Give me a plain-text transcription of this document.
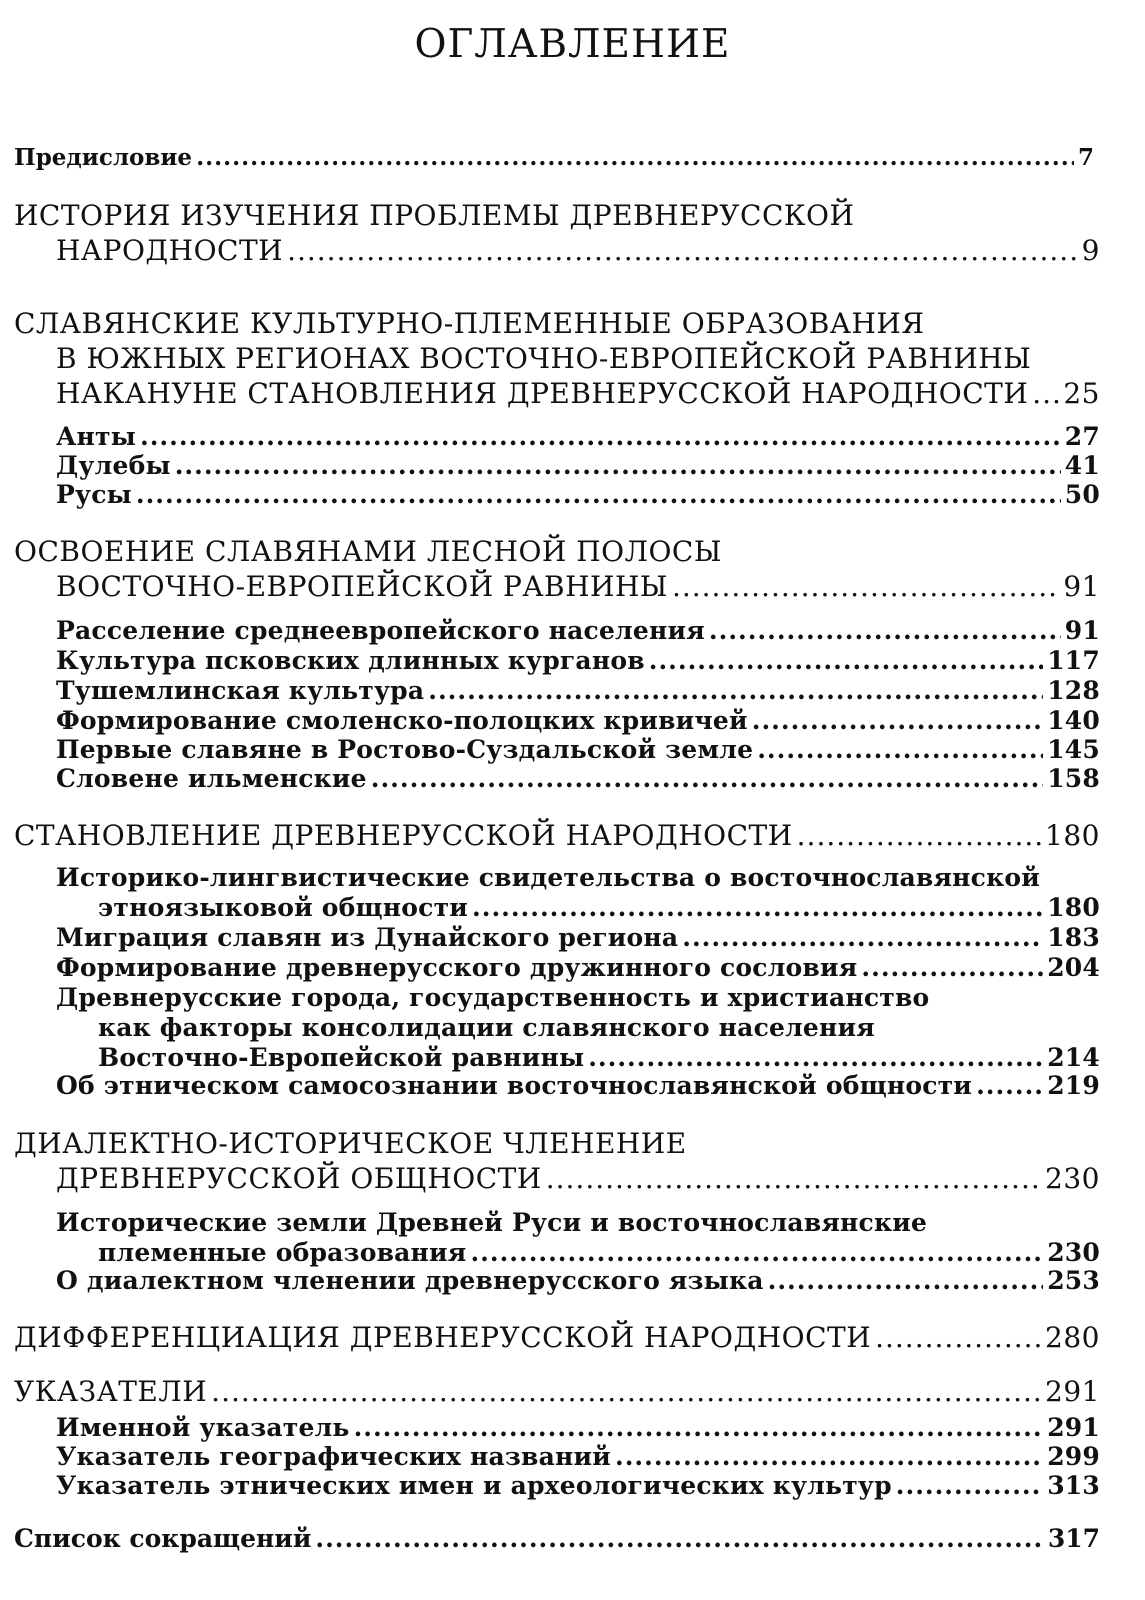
ОГЛАВЛЕНИЕ
Предисловие .....	7
ИСТОРИЯ ИЗУЧЕНИЯ ПРОБЛЕМЫ ДРЕВНЕРУССКОЙ
НАРОДНОСТИ .....	9
СЛАВЯНСКИЕ КУЛЬТУРНО-ПЛЕМЕННЫЕ ОБРАЗОВАНИЯ
В ЮЖНЫХ РЕГИОНАХ ВОСТОЧНО-ЕВРОПЕЙСКОЙ РАВНИНЫ
НАКАНУНЕ СТАНОВЛЕНИЯ ДРЕВНЕРУССКОЙ НАРОДНОСТИ ..... 25
Анты .....	27
Дулебы .....	41
Русы .....	50
ОСВОЕНИЕ СЛАВЯНАМИ ЛЕСНОЙ ПОЛОСЫ
ВОСТОЧНО-ЕВРОПЕЙСКОЙ РАВНИНЫ .....	91
Расселение среднеевропейского населения .....	91
Культура псковских длинных курганов .....	117
Тушемлинская культура .....	128
Формирование смоленско-полоцких кривичей .....	140
Первые славяне в Ростово-Суздальской земле .....	145
Словене ильменские .....	158
СТАНОВЛЕНИЕ ДРЕВНЕРУССКОЙ НАРОДНОСТИ .....	180
Историко-лингвистические свидетельства о восточнославянской
этноязыковой общности .....	180
Миграция славян из Дунайского региона .....	183
Формирование древнерусского дружинного сословия .....	204
Древнерусские города, государственность и христианство
как факторы консолидации славянского населения
Восточно-Европейской равнины .....	214
Об этническом самосознании восточнославянской общности .....	219
ДИАЛЕКТНО-ИСТОРИЧЕСКОЕ ЧЛЕНЕНИЕ
ДРЕВНЕРУССКОЙ ОБЩНОСТИ .....	230
Исторические земли Древней Руси и восточнославянские
племенные образования .....	230
О диалектном членении древнерусского языка .....	253
ДИФФЕРЕНЦИАЦИЯ ДРЕВНЕРУССКОЙ НАРОДНОСТИ .....	280
УКАЗАТЕЛИ .....	291
Именной указатель .....	291
Указатель географических названий .....	299
Указатель этнических имен и археологических культур .....	313
Список сокращений .....	317
